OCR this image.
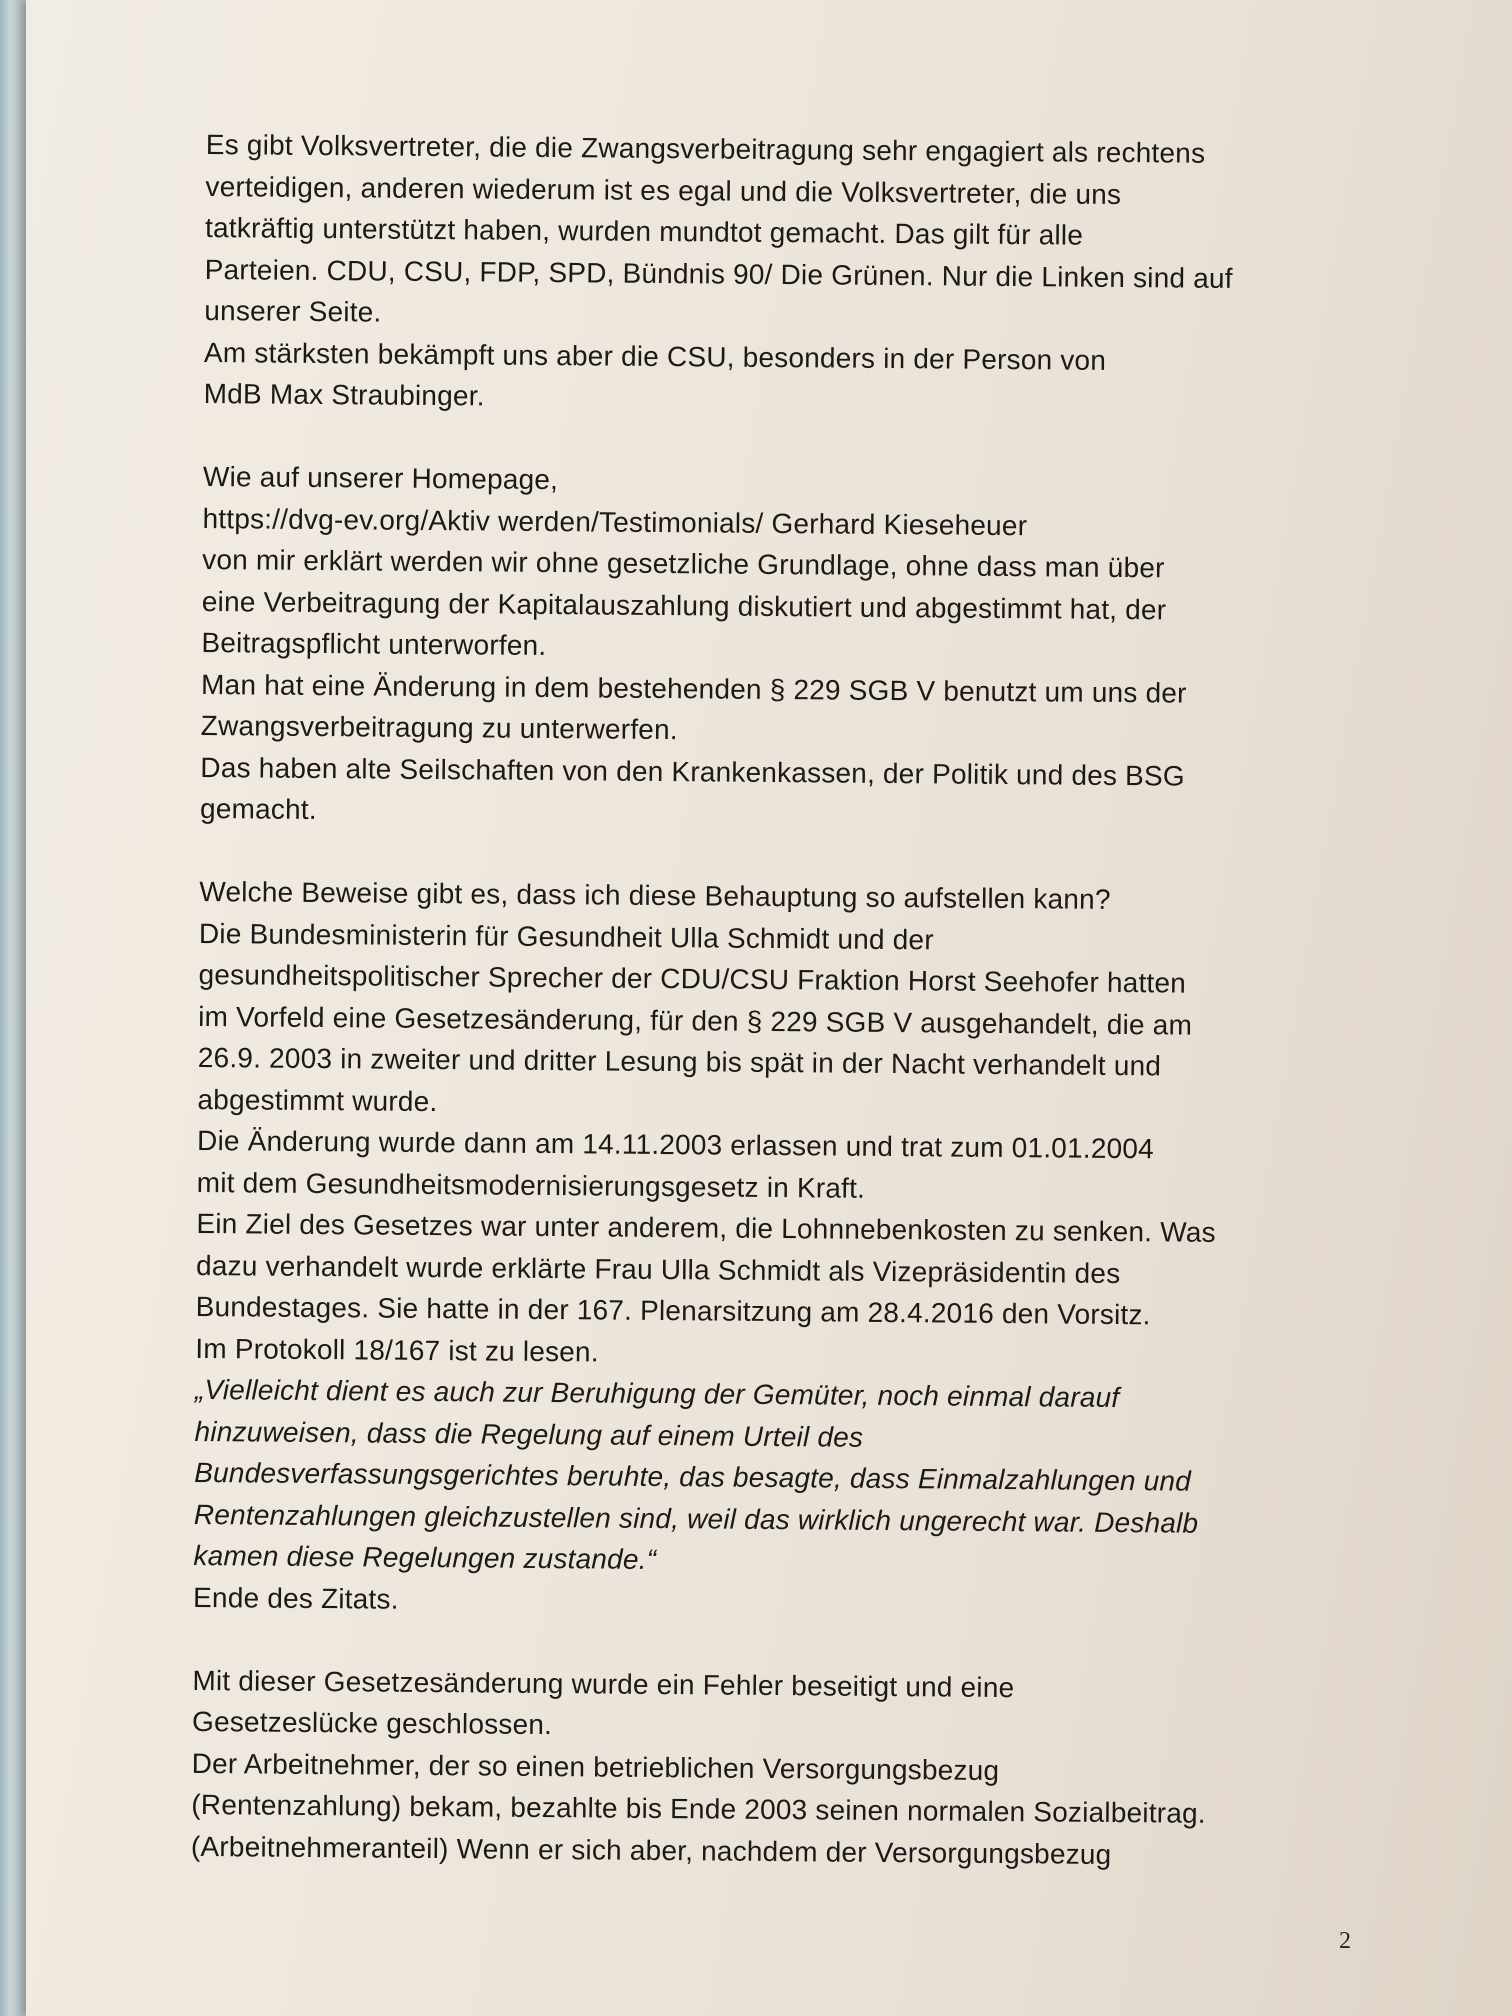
Es gibt Volksvertreter, die die Zwangsverbeitragung sehr engagiert als rechtens
verteidigen, anderen wiederum ist es egal und die Volksvertreter, die uns
tatkräftig unterstützt haben, wurden mundtot gemacht. Das gilt für alle
Parteien. CDU, CSU, FDP, SPD, Bündnis 90/ Die Grünen. Nur die Linken sind auf
unserer Seite.
Am stärksten bekämpft uns aber die CSU, besonders in der Person von
MdB Max Straubinger.
Wie auf unserer Homepage,
https://dvg-ev.org/Aktiv werden/Testimonials/ Gerhard Kieseheuer
von mir erklärt werden wir ohne gesetzliche Grundlage, ohne dass man über
eine Verbeitragung der Kapitalauszahlung diskutiert und abgestimmt hat, der
Beitragspflicht unterworfen.
Man hat eine Änderung in dem bestehenden § 229 SGB V benutzt um uns der
Zwangsverbeitragung zu unterwerfen.
Das haben alte Seilschaften von den Krankenkassen, der Politik und des BSG
gemacht.
Welche Beweise gibt es, dass ich diese Behauptung so aufstellen kann?
Die Bundesministerin für Gesundheit Ulla Schmidt und der
gesundheitspolitischer Sprecher der CDU/CSU Fraktion Horst Seehofer hatten
im Vorfeld eine Gesetzesänderung, für den § 229 SGB V ausgehandelt, die am
26.9. 2003 in zweiter und dritter Lesung bis spät in der Nacht verhandelt und
abgestimmt wurde.
Die Änderung wurde dann am 14.11.2003 erlassen und trat zum 01.01.2004
mit dem Gesundheitsmodernisierungsgesetz in Kraft.
Ein Ziel des Gesetzes war unter anderem, die Lohnnebenkosten zu senken. Was
dazu verhandelt wurde erklärte Frau Ulla Schmidt als Vizepräsidentin des
Bundestages. Sie hatte in der 167. Plenarsitzung am 28.4.2016 den Vorsitz.
Im Protokoll 18/167 ist zu lesen.
„Vielleicht dient es auch zur Beruhigung der Gemüter, noch einmal darauf
hinzuweisen, dass die Regelung auf einem Urteil des
Bundesverfassungsgerichtes beruhte, das besagte, dass Einmalzahlungen und
Rentenzahlungen gleichzustellen sind, weil das wirklich ungerecht war. Deshalb
kamen diese Regelungen zustande.“
Ende des Zitats.
Mit dieser Gesetzesänderung wurde ein Fehler beseitigt und eine
Gesetzeslücke geschlossen.
Der Arbeitnehmer, der so einen betrieblichen Versorgungsbezug
(Rentenzahlung) bekam, bezahlte bis Ende 2003 seinen normalen Sozialbeitrag.
(Arbeitnehmeranteil) Wenn er sich aber, nachdem der Versorgungsbezug
2
